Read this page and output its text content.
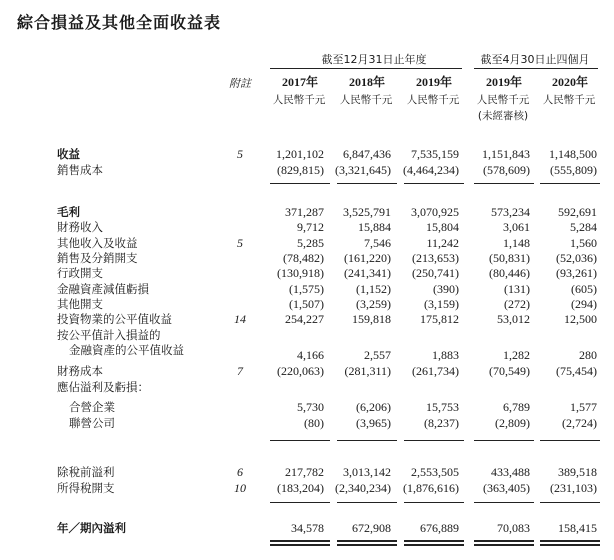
綜合損益及其他全面收益表
截至12月31日止年度	截至4月30日止四個月
附註	2017年	2018年	2019年	2019年	2020年
人民幣千元	人民幣千元	人民幣千元	人民幣千元	人民幣千元
(未經審核)
收益	5	1,201,102	6,847,436	7,535,159	1,151,843	1,148,500
銷售成本	(829,815) (3,321,645)	(4,464,234)	(578,609)	(555,809)
毛利	371,287	3,525,791	3,070,925	573,234	592,691
財務收入	9,712	15,884	15,804	3,061	5,284
其他收入及收益	5	5,285	7,546	11,242	1,148	1,560
銷售及分銷開支	(78,482)	(161,220)	(213,653)	(50,831)	(52,036)
行政開支	(130,918)	(241,341)	(250,741)	(80,446)	(93,261)
金融資產減值虧損	(1,575)	(1,152)	(390)	(131)	(605)
其他開支	(1,507)	(3,259)	(3,159)	(272)	(294)
投資物業的公平值收益	14	254,227	159,818	175,812	53,012	12,500
按公平值計入損益的
金融資產的公平值收益	4,166	2,557	1,883	1,282	280
財務成本	7	(220,063)	(281,311)	(261,734)	(70,549)	(75,454)
應佔溢利及虧損：
合營企業	5,730	(6,206)	15,753	6,789	1,577
聯營公司	(80)	(3,965)	(8,237)	(2,809)	(2,724)
除稅前溢利	6	217,782	3,013,142	2,553,505	433,488	389,518
所得稅開支	10	(183,204) (2,340,234)	(1,876,616)	(363,405)	(231,103)
年／期內溢利	34,578	672,908	676,889	70,083	158,415
